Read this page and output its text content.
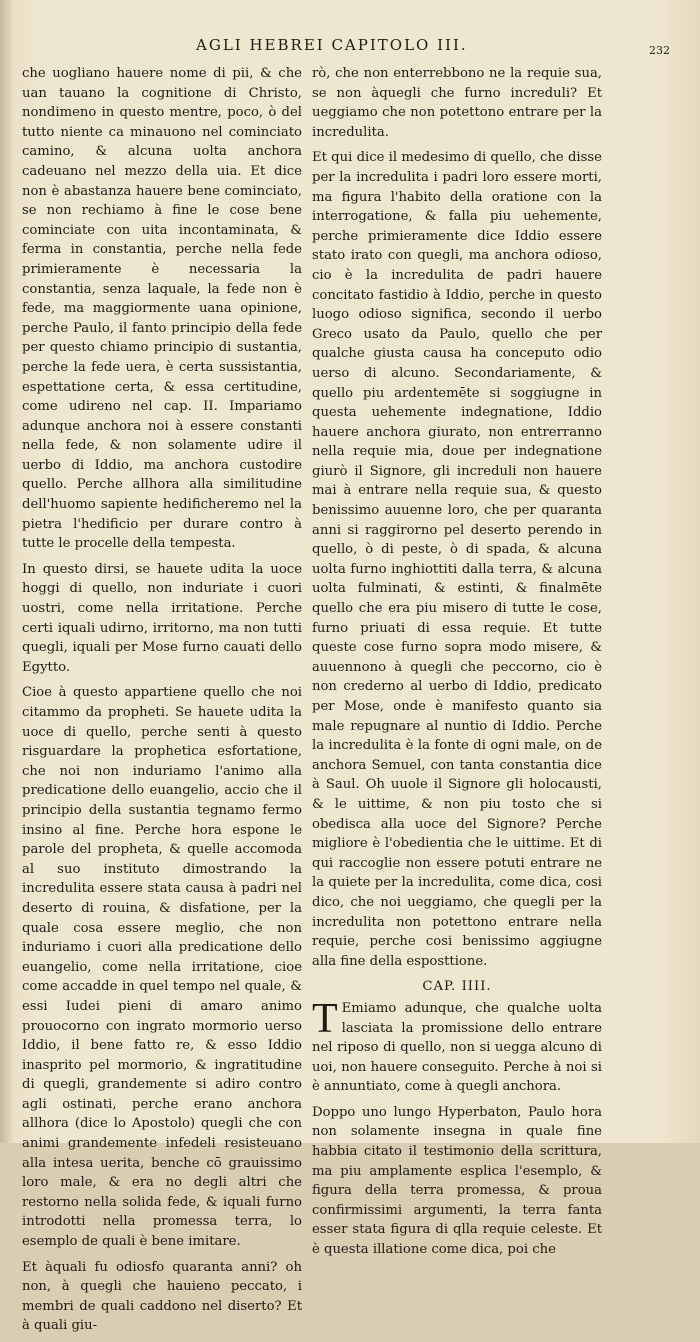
AGLI HEBREI CAPITOLO III.	232

che uogliano hauere nome di pii, & che uan tauano la cognitione di Christo, nondimeno in questo mentre, poco, ò del tutto niente ca minauono nel cominciato camino, & alcuna uolta anchora cadeuano nel mezzo della uia. Et dice non è abastanza hauere bene cominciato, se non rechiamo à fine le cose bene cominciate con uita incontaminata, & ferma in constantia, perche nella fede primieramente è necessaria la constantia, senza laquale, la fede non è fede, ma maggiormente uana opinione, perche Paulo, il fanto principio della fede per questo chiamo principio di sustantia, perche la fede uera, è certa sussistantia, espettatione certa, & essa certitudine, come udireno nel cap. II. Impariamo adunque anchora noi à essere constanti nella fede, & non solamente udire il uerbo di Iddio, ma anchora custodire quello. Perche allhora alla similitudine dell'huomo sapiente hedificheremo nel la pietra l'hedificio per durare contro à tutte le procelle della tempesta.

In questo dirsi, se hauete udita la uoce hoggi di quello, non induriate i cuori uostri, come nella irritatione. Perche certi iquali udirno, irritorno, ma non tutti quegli, iquali per Mose furno cauati dello Egytto.

Cioe à questo appartiene quello che noi citammo da propheti. Se hauete udita la uoce di quello, perche senti à questo risguardare la prophetica esfortatione, che noi non induriamo l'animo alla predicatione dello euangelio, accio che il principio della sustantia tegnamo fermo insino al fine. Perche hora espone le parole del propheta, & quelle accomoda al suo instituto dimostrando la incredulita essere stata causa à padri nel deserto di rouina, & disfatione, per la quale cosa essere meglio, che non induriamo i cuori alla predicatione dello euangelio, come nella irritatione, cioe come accadde in quel tempo nel quale, & essi Iudei pieni di amaro animo prouocorno con ingrato mormorio uerso Iddio, il bene fatto re, & esso Iddio inasprito pel mormorio, & ingratitudine di quegli, grandemente si adiro contro agli ostinati, perche erano anchora allhora (dice lo Apostolo) quegli che con animi grandemente infedeli resisteuano alla intesa uerita, benche cō grauissimo loro male, & era no degli altri che restorno nella solida fede, & iquali furno introdotti nella promessa terra, lo esemplo de quali è bene imitare.

Et àquali fu odiosfo quaranta anni? oh non, à quegli che hauieno peccato, i membri de quali caddono nel diserto? Et à quali giu-

rò, che non enterrebbono ne la requie sua, se non àquegli che furno increduli? Et ueggiamo che non potettono entrare per la incredulita.

Et qui dice il medesimo di quello, che disse per la incredulita i padri loro essere morti, ma figura l'habito della oratione con la interrogatione, & falla piu uehemente, perche primieramente dice Iddio essere stato irato con quegli, ma anchora odioso, cio è la incredulita de padri hauere concitato fastidio à Iddio, perche in questo luogo odioso significa, secondo il uerbo Greco usato da Paulo, quello che per qualche giusta causa ha conceputo odio uerso di alcuno. Secondariamente, & quello piu ardentemēte si soggiugne in questa uehemente indegnatione, Iddio hauere anchora giurato, non entrerranno nella requie mia, doue per indegnatione giurò il Signore, gli increduli non hauere mai à entrare nella requie sua, & questo benissimo auuenne loro, che per quaranta anni si raggirorno pel deserto perendo in quello, ò di peste, ò di spada, & alcuna uolta furno inghiottiti dalla terra, & alcuna uolta fulminati, & estinti, & finalmēte quello che era piu misero di tutte le cose, furno priuati di essa requie. Et tutte queste cose furno sopra modo misere, & auuennono à quegli che peccorno, cio è non crederno al uerbo di Iddio, predicato per Mose, onde è manifesto quanto sia male repugnare al nuntio di Iddio. Perche la incredulita è la fonte di ogni male, on de anchora Semuel, con tanta constantia dice à Saul. Oh uuole il Signore gli holocausti, & le uittime, & non piu tosto che si obedisca alla uoce del Signore? Perche migliore è l'obedientia che le uittime. Et di qui raccoglie non essere potuti entrare ne la quiete per la incredulita, come dica, cosi dico, che noi ueggiamo, che quegli per la incredulita non potettono entrare nella requie, perche cosi benissimo aggiugne alla fine della esposttione.

CAP. IIII.

T Emiamo adunque, che qualche uolta lasciata la promissione dello entrare nel riposo di quello, non si uegga alcuno di uoi, non hauere conseguito. Perche à noi si è annuntiato, come à quegli anchora.

Doppo uno lungo Hyperbaton, Paulo hora non solamente insegna in quale fine habbia citato il testimonio della scrittura, ma piu amplamente esplica l'esemplo, & figura della terra promessa, & proua confirmissimi argumenti, la terra fanta esser stata figura di qlla requie celeste. Et è questa illatione come dica, poi che
